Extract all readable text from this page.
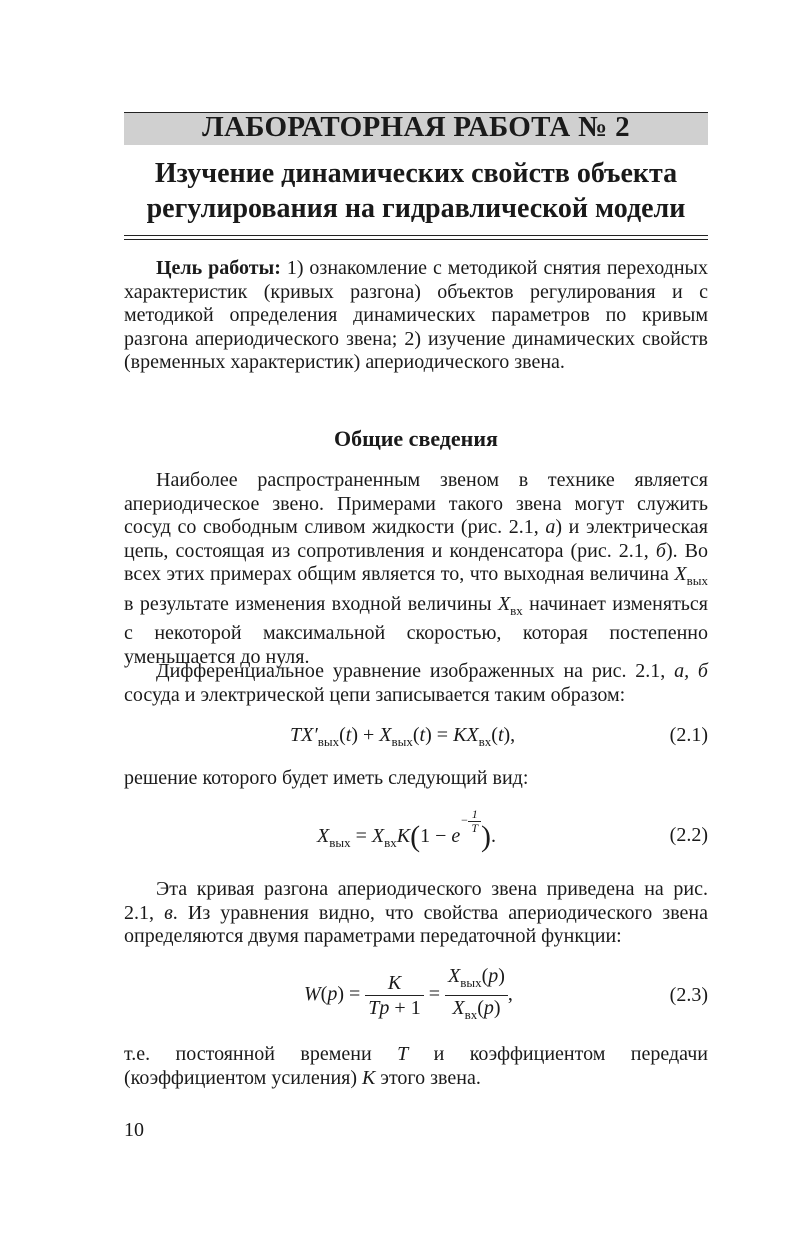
ЛАБОРАТОРНАЯ РАБОТА № 2
Изучение динамических свойств объекта
регулирования на гидравлической модели

Цель работы: 1) ознакомление с методикой снятия переходных характеристик (кривых разгона) объектов регулирования и с методикой определения динамических параметров по кривым разгона апериодического звена; 2) изучение динамических свойств (временных характеристик) апериодического звена.

Общие сведения

Наиболее распространенным звеном в технике является апериодическое звено. Примерами такого звена могут служить сосуд со свободным сливом жидкости (рис. 2.1, а) и электрическая цепь, состоящая из сопротивления и конденсатора (рис. 2.1, б). Во всех этих примерах общим является то, что выходная величина $X_{вых}$ в результате изменения входной величины $X_{вх}$ начинает изменяться с некоторой максимальной скоростью, которая постепенно уменьшается до нуля.

Дифференциальное уравнение изображенных на рис. 2.1, а, б сосуда и электрической цепи записывается таким образом:

$TX'_{вых}(t) + X_{вых}(t) = KX_{вх}(t)$,	(2.1)

решение которого будет иметь следующий вид:

$X_{вых} = X_{вх}K(1 - e^{- \frac{1}{T}}$ ).	(2.2)

Эта кривая разгона апериодического звена приведена на рис. 2.1, в. Из уравнения видно, что свойства апериодического звена определяются двумя параметрами передаточной функции:

$W(p) = \frac{K}{Tp + 1} = \frac{X_{вых}(p)}{X_{вх}(p)}$ ,	(2.3)

т.е. постоянной времени T и коэффициентом передачи (коэффициентом усиления) K этого звена.

10
